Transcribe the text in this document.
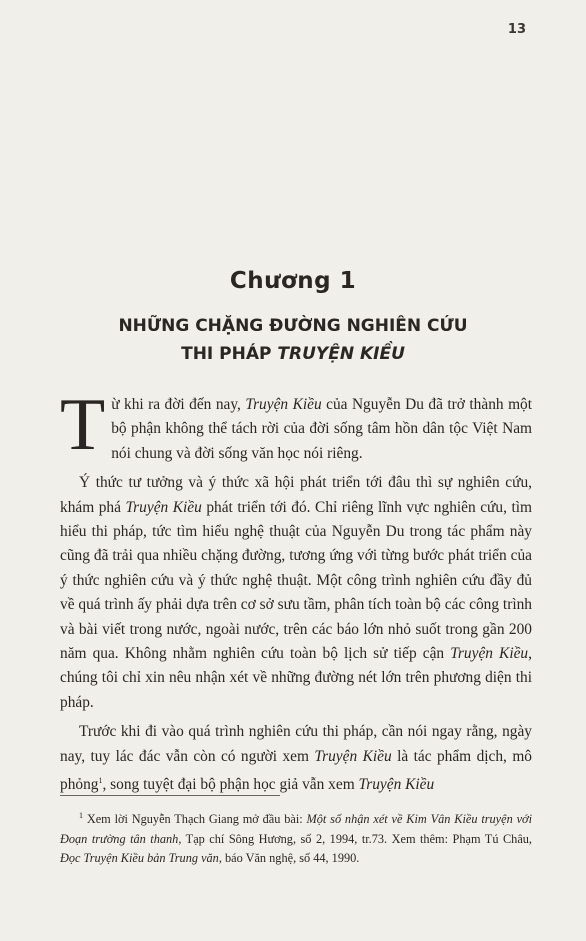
13
Chương 1
NHỮNG CHẶNG ĐƯỜNG NGHIÊN CỨU
THI PHÁP TRUYỆN KIỀU

Từ khi ra đời đến nay, Truyện Kiều của Nguyễn Du đã trở thành một bộ phận không thể tách rời của đời sống tâm hồn dân tộc Việt Nam nói chung và đời sống văn học nói riêng.

Ý thức tư tưởng và ý thức xã hội phát triển tới đâu thì sự nghiên cứu, khám phá Truyện Kiều phát triển tới đó. Chỉ riêng lĩnh vực nghiên cứu, tìm hiểu thi pháp, tức tìm hiểu nghệ thuật của Nguyễn Du trong tác phẩm này cũng đã trải qua nhiều chặng đường, tương ứng với từng bước phát triển của ý thức nghiên cứu và ý thức nghệ thuật. Một công trình nghiên cứu đầy đủ về quá trình ấy phải dựa trên cơ sở sưu tầm, phân tích toàn bộ các công trình và bài viết trong nước, ngoài nước, trên các báo lớn nhỏ suốt trong gần 200 năm qua. Không nhằm nghiên cứu toàn bộ lịch sử tiếp cận Truyện Kiều, chúng tôi chỉ xin nêu nhận xét về những đường nét lớn trên phương diện thi pháp.

Trước khi đi vào quá trình nghiên cứu thi pháp, cần nói ngay rằng, ngày nay, tuy lác đác vẫn còn có người xem Truyện Kiều là tác phẩm dịch, mô phỏng$^1$, song tuyệt đại bộ phận học giả vẫn xem Truyện Kiều

$^1$ Xem lời Nguyễn Thạch Giang mở đầu bài: Một số nhận xét về Kim Vân Kiều truyện với Đoạn trường tân thanh, Tạp chí Sông Hương, số 2, 1994, tr.73. Xem thêm: Phạm Tú Châu, Đọc Truyện Kiều bản Trung văn, báo Văn nghệ, số 44, 1990.
